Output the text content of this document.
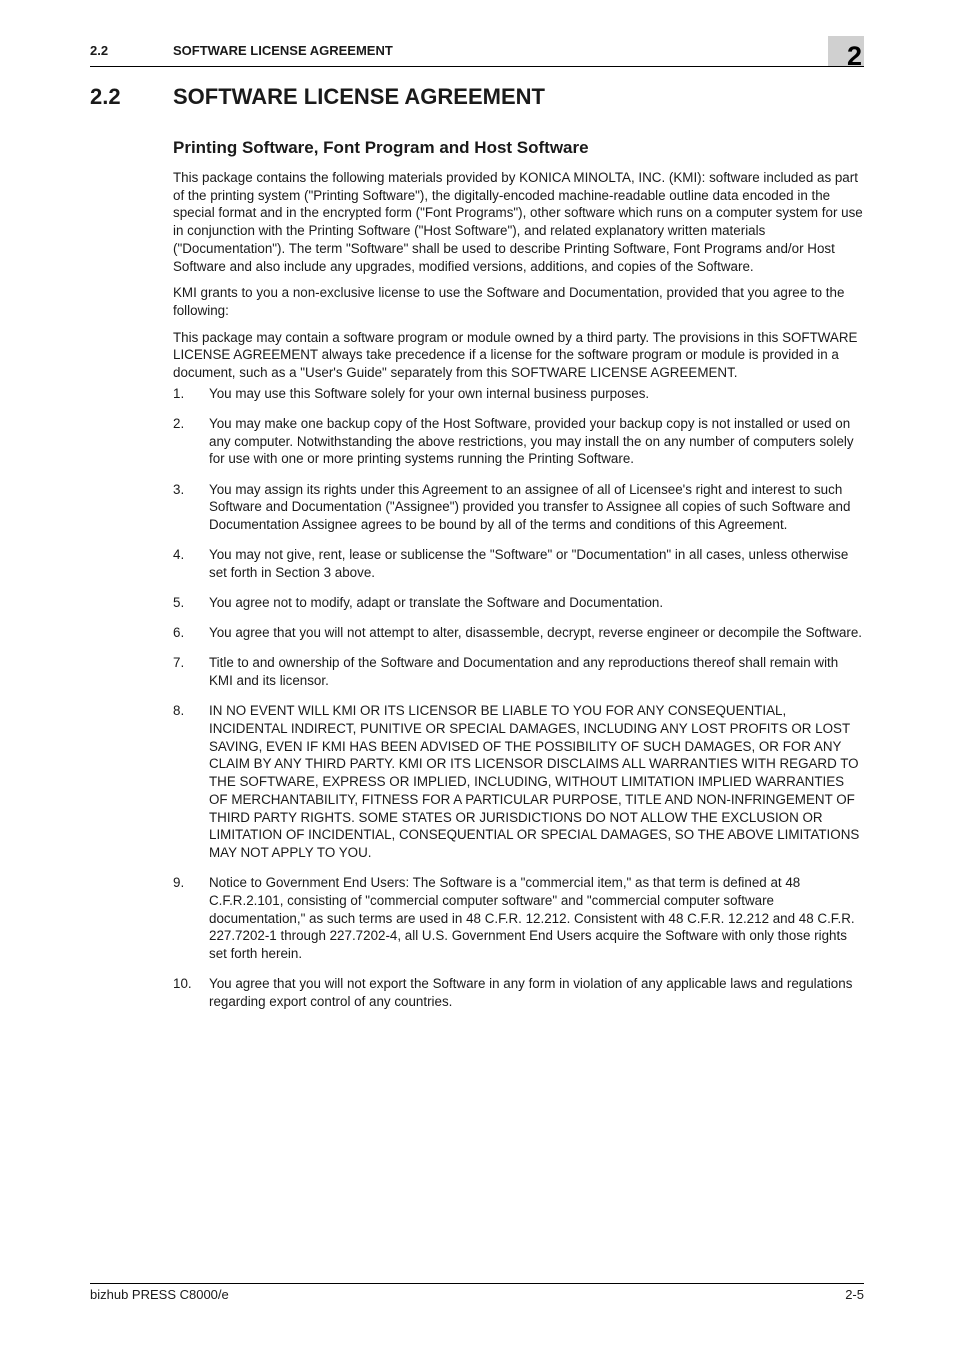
2.2	SOFTWARE LICENSE AGREEMENT	2
2.2 SOFTWARE LICENSE AGREEMENT
Printing Software, Font Program and Host Software

This package contains the following materials provided by KONICA MINOLTA, INC. (KMI): software included as part of the printing system ("Printing Software"), the digitally-encoded machine-readable outline data encoded in the special format and in the encrypted form ("Font Programs"), other software which runs on a computer system for use in conjunction with the Printing Software ("Host Software"), and related explanatory written materials ("Documentation"). The term "Software" shall be used to describe Printing Software, Font Programs and/or Host Software and also include any upgrades, modified versions, additions, and copies of the Software.

KMI grants to you a non-exclusive license to use the Software and Documentation, provided that you agree to the following:

This package may contain a software program or module owned by a third party. The provisions in this SOFTWARE LICENSE AGREEMENT always take precedence if a license for the software program or module is provided in a document, such as a "User's Guide" separately from this SOFTWARE LICENSE AGREEMENT.

1. You may use this Software solely for your own internal business purposes.
2. You may make one backup copy of the Host Software, provided your backup copy is not installed or used on any computer. Notwithstanding the above restrictions, you may install the on any number of computers solely for use with one or more printing systems running the Printing Software.
3. You may assign its rights under this Agreement to an assignee of all of Licensee's right and interest to such Software and Documentation ("Assignee") provided you transfer to Assignee all copies of such Software and Documentation Assignee agrees to be bound by all of the terms and conditions of this Agreement.
4. You may not give, rent, lease or sublicense the "Software" or "Documentation" in all cases, unless otherwise set forth in Section 3 above.
5. You agree not to modify, adapt or translate the Software and Documentation.
6. You agree that you will not attempt to alter, disassemble, decrypt, reverse engineer or decompile the Software.
7. Title to and ownership of the Software and Documentation and any reproductions thereof shall remain with KMI and its licensor.
8. IN NO EVENT WILL KMI OR ITS LICENSOR BE LIABLE TO YOU FOR ANY CONSEQUENTIAL, INCIDENTAL INDIRECT, PUNITIVE OR SPECIAL DAMAGES, INCLUDING ANY LOST PROFITS OR LOST SAVING, EVEN IF KMI HAS BEEN ADVISED OF THE POSSIBILITY OF SUCH DAMAGES, OR FOR ANY CLAIM BY ANY THIRD PARTY. KMI OR ITS LICENSOR DISCLAIMS ALL WARRANTIES WITH REGARD TO THE SOFTWARE, EXPRESS OR IMPLIED, INCLUDING, WITHOUT LIMITATION IMPLIED WARRANTIES OF MERCHANTABILITY, FITNESS FOR A PARTICULAR PURPOSE, TITLE AND NON-INFRINGEMENT OF THIRD PARTY RIGHTS. SOME STATES OR JURISDICTIONS DO NOT ALLOW THE EXCLUSION OR LIMITATION OF INCIDENTIAL, CONSEQUENTIAL OR SPECIAL DAMAGES, SO THE ABOVE LIMITATIONS MAY NOT APPLY TO YOU.
9. Notice to Government End Users: The Software is a "commercial item," as that term is defined at 48 C.F.R.2.101, consisting of "commercial computer software" and "commercial computer software documentation," as such terms are used in 48 C.F.R. 12.212. Consistent with 48 C.F.R. 12.212 and 48 C.F.R. 227.7202-1 through 227.7202-4, all U.S. Government End Users acquire the Software with only those rights set forth herein.
10. You agree that you will not export the Software in any form in violation of any applicable laws and regulations regarding export control of any countries.
bizhub PRESS C8000/e	2-5
